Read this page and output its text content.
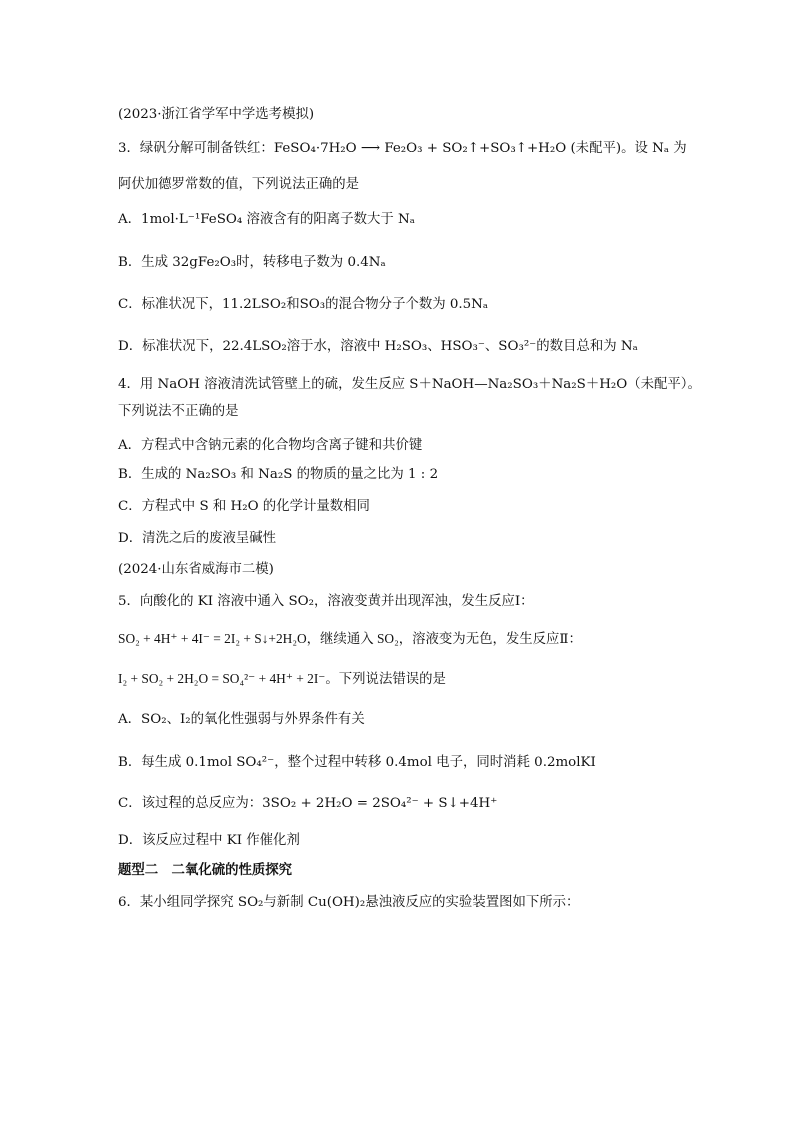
(2023·浙江省学军中学选考模拟)
3．绿矾分解可制备铁红：FeSO₄·7H₂O ⟶ Fe₂O₃ + SO₂↑+SO₃↑+H₂O (未配平)。设 Nₐ 为
阿伏加德罗常数的值，下列说法正确的是
A．1mol·L⁻¹FeSO₄ 溶液含有的阳离子数大于 Nₐ
B．生成 32gFe₂O₃时，转移电子数为 0.4Nₐ
C．标准状况下，11.2LSO₂和SO₃的混合物分子个数为 0.5Nₐ
D．标准状况下，22.4LSO₂溶于水，溶液中 H₂SO₃、HSO₃⁻、SO₃²⁻的数目总和为 Nₐ
4．用 NaOH 溶液清洗试管壁上的硫，发生反应 S＋NaOH—Na₂SO₃＋Na₂S＋H₂O（未配平）。
下列说法不正确的是
A．方程式中含钠元素的化合物均含离子键和共价键
B．生成的 Na₂SO₃ 和 Na₂S 的物质的量之比为 1 : 2
C．方程式中 S 和 H₂O 的化学计量数相同
D．清洗之后的废液呈碱性
(2024·山东省威海市二模)
5．向酸化的 KI 溶液中通入 SO₂，溶液变黄并出现浑浊，发生反应Ⅰ：
SO₂ + 4H⁺ + 4I⁻ = 2I₂ + S↓+2H₂O，继续通入 SO₂，溶液变为无色，发生反应Ⅱ：
I₂ + SO₂ + 2H₂O = SO₄²⁻ + 4H⁺ + 2I⁻。下列说法错误的是
A．SO₂、I₂的氧化性强弱与外界条件有关
B．每生成 0.1mol SO₄²⁻，整个过程中转移 0.4mol 电子，同时消耗 0.2molKI
C．该过程的总反应为：3SO₂ + 2H₂O = 2SO₄²⁻ + S↓+4H⁺
D．该反应过程中 KI 作催化剂
题型二　二氧化硫的性质探究
6．某小组同学探究 SO₂与新制 Cu(OH)₂悬浊液反应的实验装置图如下所示：
